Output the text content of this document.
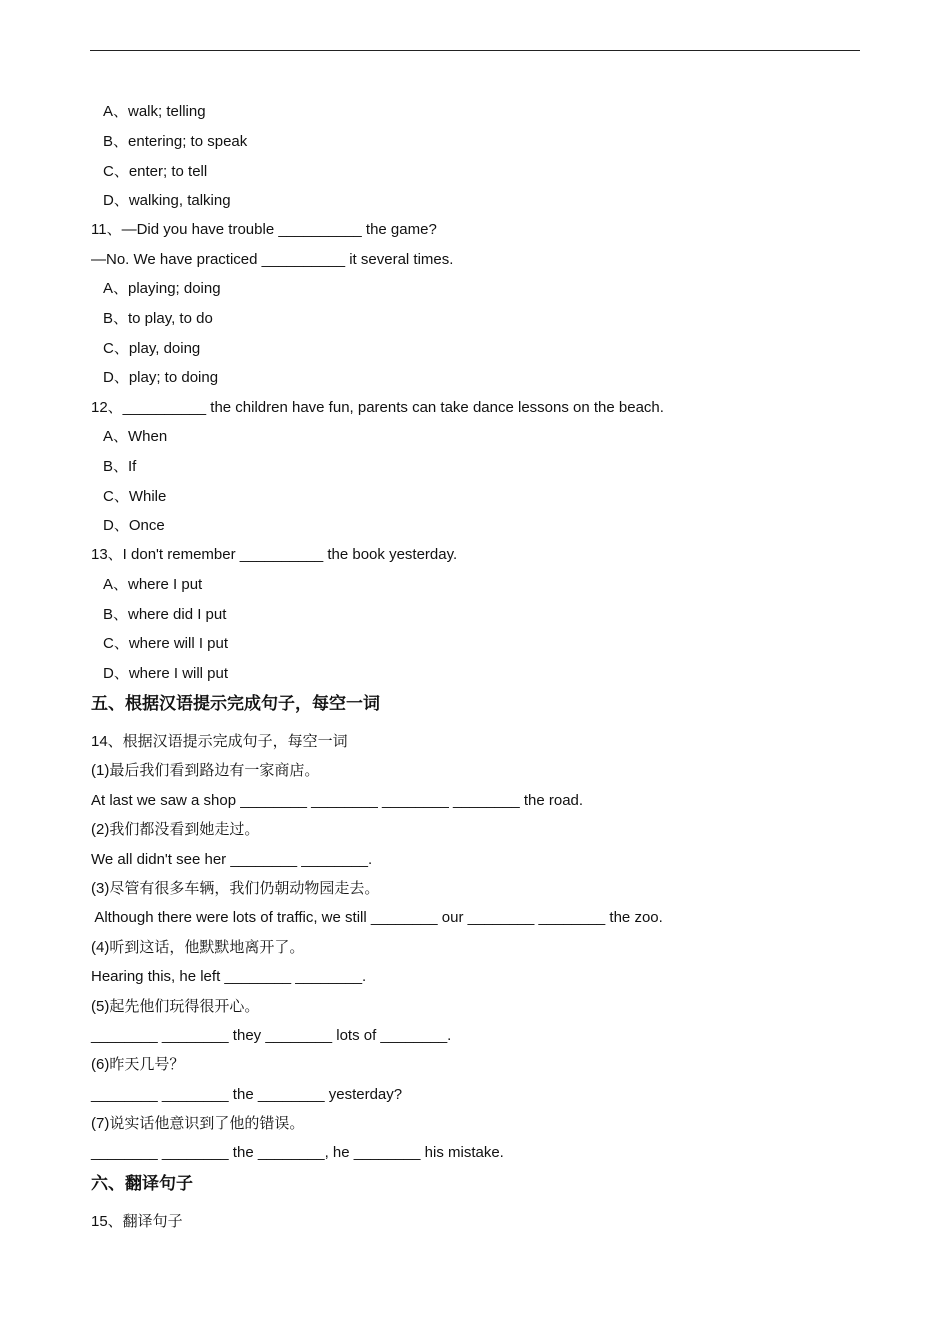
A、walk; telling
B、entering; to speak
C、enter; to tell
D、walking, talking
11、—Did you have trouble __________ the game?
—No. We have practiced __________ it several times.
A、playing; doing
B、to play, to do
C、play, doing
D、play; to doing
12、__________ the children have fun, parents can take dance lessons on the beach.
A、When
B、If
C、While
D、Once
13、I don't remember __________ the book yesterday.
A、where I put
B、where did I put
C、where will I put
D、where I will put
五、根据汉语提示完成句子，每空一词
14、根据汉语提示完成句子，每空一词
(1)最后我们看到路边有一家商店。
At last we saw a shop ________ ________ ________ ________ the road.
(2)我们都没看到她走过。
We all didn't see her ________ ________.
(3)尽管有很多车辆，我们仍朝动物园走去。
Although there were lots of traffic, we still ________ our ________ ________ the zoo.
(4)听到这话，他默默地离开了。
Hearing this, he left ________ ________.
(5)起先他们玩得很开心。
________ ________ they ________ lots of ________.
(6)昨天几号？
________ ________ the ________ yesterday?
(7)说实话他意识到了他的错误。
________ ________ the ________, he ________ his mistake.
六、翻译句子
15、翻译句子
